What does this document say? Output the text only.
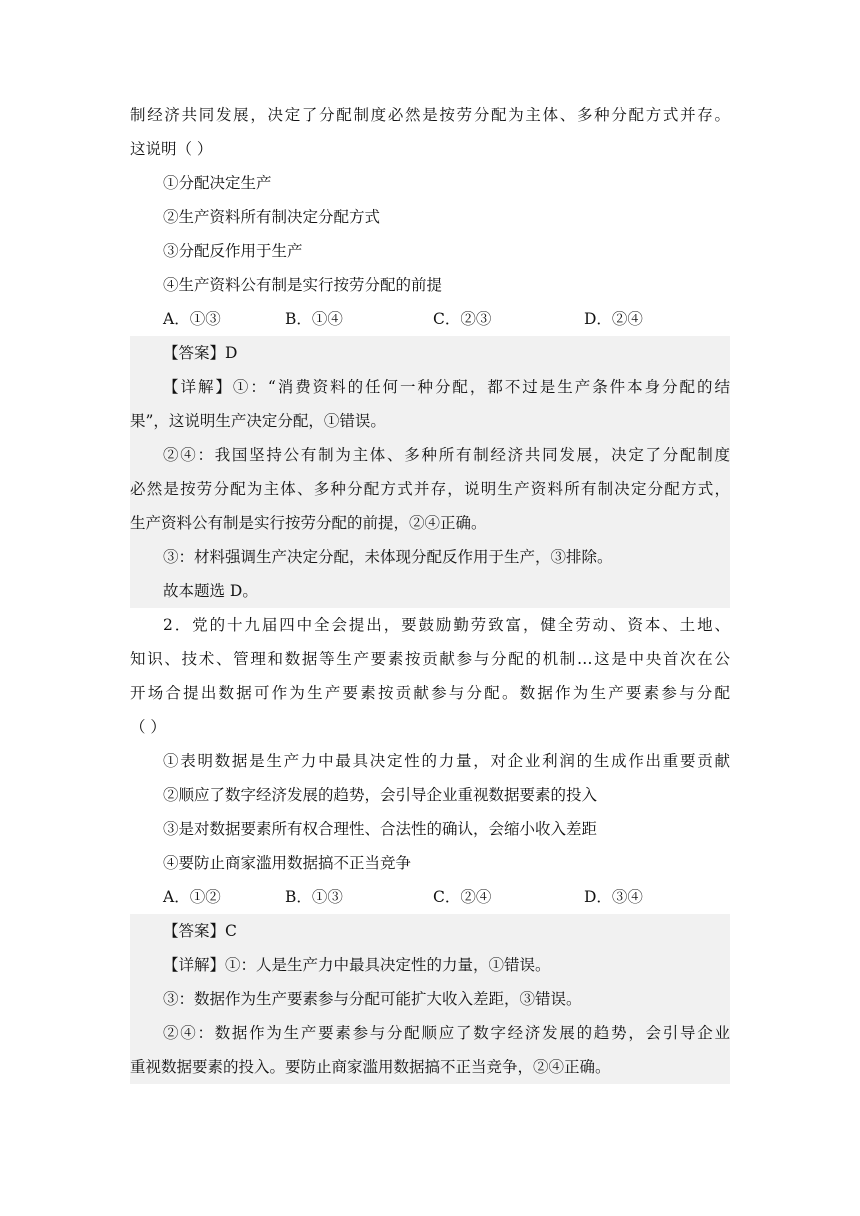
制经济共同发展，决定了分配制度必然是按劳分配为主体、多种分配方式并存。
这说明（ ）
①分配决定生产
②生产资料所有制决定分配方式
③分配反作用于生产
④生产资料公有制是实行按劳分配的前提
A．①③	B．①④	C．②③	D．②④
【答案】D
【详解】①：“消费资料的任何一种分配，都不过是生产条件本身分配的结
果”，这说明生产决定分配，①错误。
②④：我国坚持公有制为主体、多种所有制经济共同发展，决定了分配制度
必然是按劳分配为主体、多种分配方式并存，说明生产资料所有制决定分配方式，
生产资料公有制是实行按劳分配的前提，②④正确。
③：材料强调生产决定分配，未体现分配反作用于生产，③排除。
故本题选 D。
2．党的十九届四中全会提出，要鼓励勤劳致富，健全劳动、资本、土地、
知识、技术、管理和数据等生产要素按贡献参与分配的机制…这是中央首次在公
开场合提出数据可作为生产要素按贡献参与分配。数据作为生产要素参与分配
（ ）
①表明数据是生产力中最具决定性的力量，对企业利润的生成作出重要贡献
②顺应了数字经济发展的趋势，会引导企业重视数据要素的投入
③是对数据要素所有权合理性、合法性的确认，会缩小收入差距
④要防止商家滥用数据搞不正当竞争
A．①②	B．①③	C．②④	D．③④
【答案】C
【详解】①：人是生产力中最具决定性的力量，①错误。
③：数据作为生产要素参与分配可能扩大收入差距，③错误。
②④：数据作为生产要素参与分配顺应了数字经济发展的趋势，会引导企业
重视数据要素的投入。要防止商家滥用数据搞不正当竞争，②④正确。
